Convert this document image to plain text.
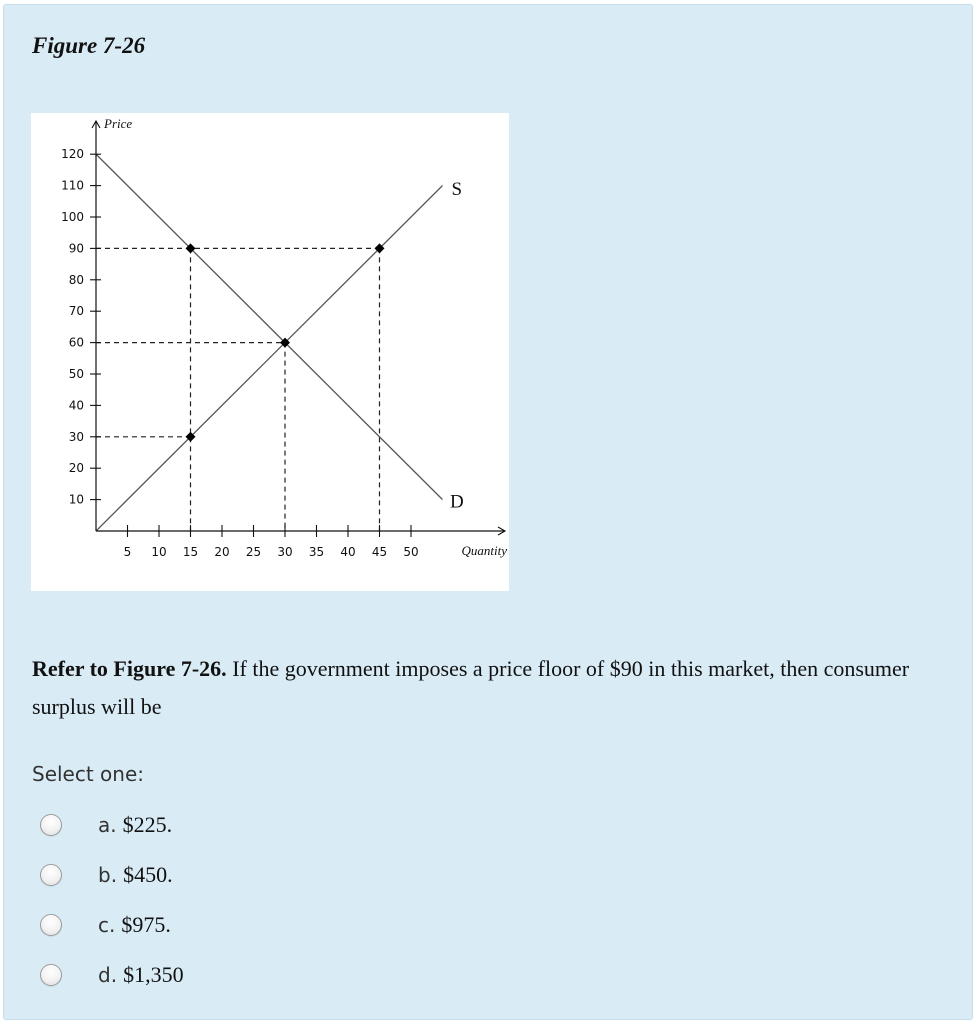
Figure 7-26
10
20
30
40
50
60
70
80
90
100
110
120
5 10 15 20 25 30 35 40 45 50
Price
Quantity
S
D

Refer to Figure 7-26. If the government imposes a price floor of $90 in this market, then consumer surplus will be

Select one:
a. $225.
b. $450.
c. $975.
d. $1,350
